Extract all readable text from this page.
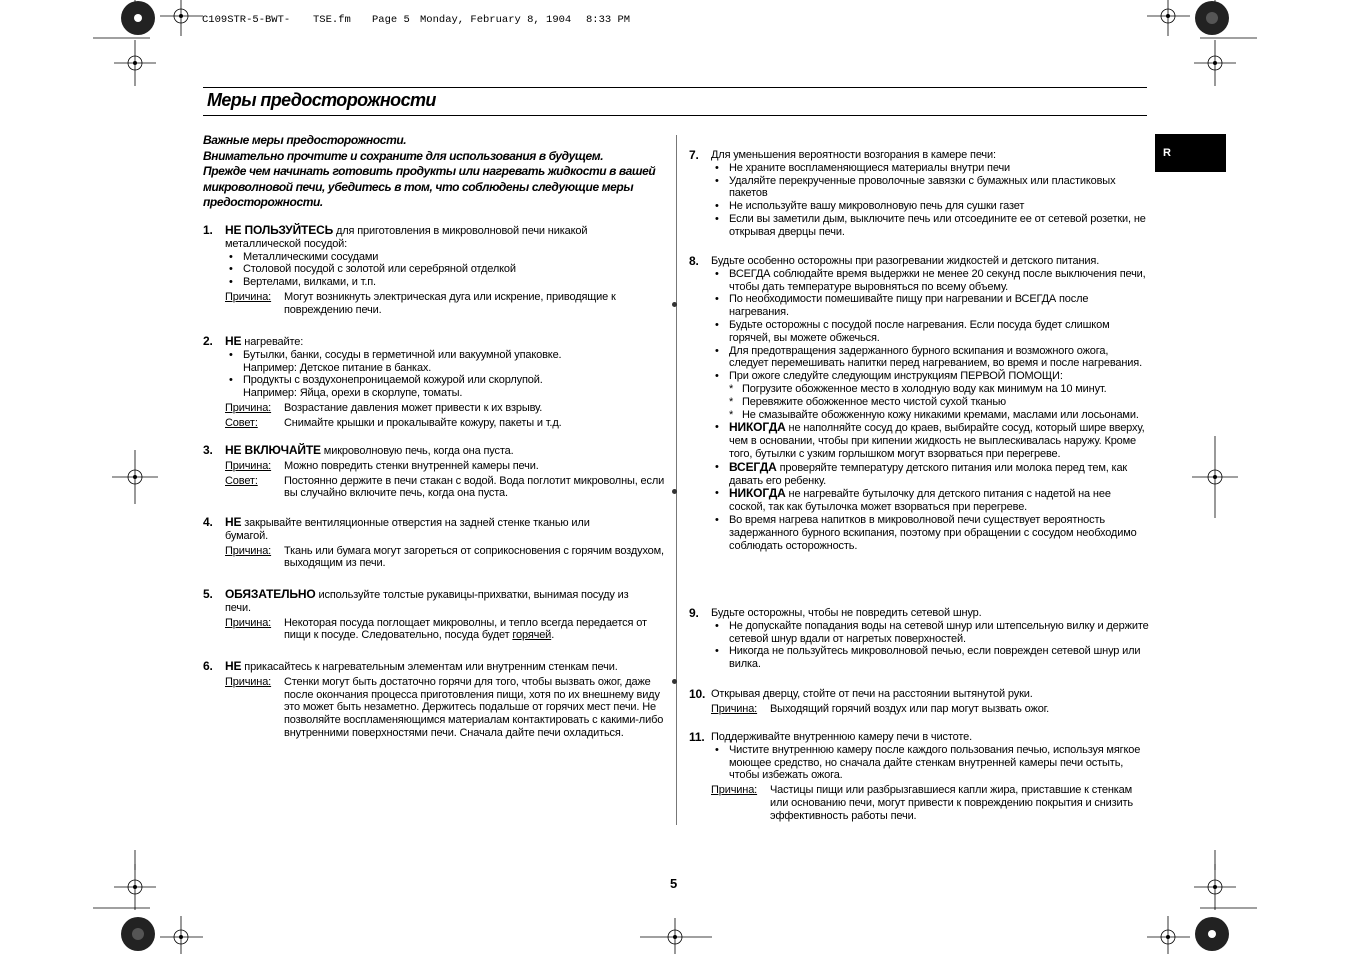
C109STR-5-BWT- TSE.fm Page 5 Monday, February 8, 1904 8:33 PM
Меры предосторожности
R
Важные меры предосторожности.
Внимательно прочтите и сохраните для использования в будущем.
Прежде чем начинать готовить продукты или нагревать жидкости в вашей
микроволновой печи, убедитесь в том, что соблюдены следующие меры
предосторожности.
1. НЕ ПОЛЬЗУЙТЕСЬ для приготовления в микроволновой печи никакой
металлической посудой:
• Металлическими сосудами
• Столовой посудой с золотой или серебряной отделкой
• Вертелами, вилками, и т.п.
Причина: Могут возникнуть электрическая дуга или искрение, приводящие к повреждению печи.
2. НЕ нагревайте:
• Бутылки, банки, сосуды в герметичной или вакуумной упаковке.
Например: Детское питание в банках.
• Продукты с воздухонепроницаемой кожурой или скорлупой.
Например: Яйца, орехи в скорлупе, томаты.
Причина: Возрастание давления может привести к их взрыву.
Совет: Снимайте крышки и прокалывайте кожуру, пакеты и т.д.
3. НЕ ВКЛЮЧАЙТЕ микроволновую печь, когда она пуста.
Причина: Можно повредить стенки внутренней камеры печи.
Совет: Постоянно держите в печи стакан с водой. Вода поглотит микроволны, если вы случайно включите печь, когда она пуста.
4. НЕ закрывайте вентиляционные отверстия на задней стенке тканью или
бумагой.
Причина: Ткань или бумага могут загореться от соприкосновения с горячим воздухом, выходящим из печи.
5. ОБЯЗАТЕЛЬНО используйте толстые рукавицы-прихватки, вынимая посуду из
печи.
Причина: Некоторая посуда поглощает микроволны, и тепло всегда передается от пищи к посуде. Следовательно, посуда будет горячей.
6. НЕ прикасайтесь к нагревательным элементам или внутренним стенкам печи.
Причина: Стенки могут быть достаточно горячи для того, чтобы вызвать ожог, даже после окончания процесса приготовления пищи, хотя по их внешнему виду это может быть незаметно. Держитесь подальше от горячих мест печи. Не позволяйте воспламеняющимся материалам контактировать с какими-либо внутренними поверхностями печи. Сначала дайте печи охладиться.
7. Для уменьшения вероятности возгорания в камере печи:
• Не храните воспламеняющиеся материалы внутри печи
• Удаляйте перекрученные проволочные завязки с бумажных или пластиковых пакетов
• Не используйте вашу микроволновую печь для сушки газет
• Если вы заметили дым, выключите печь или отсоедините ее от сетевой розетки, не открывая дверцы печи.
8. Будьте особенно осторожны при разогревании жидкостей и детского питания.
• ВСЕГДА соблюдайте время выдержки не менее 20 секунд после выключения печи, чтобы дать температуре выровняться по всему объему.
• По необходимости помешивайте пищу при нагревании и ВСЕГДА после нагревания.
• Будьте осторожны с посудой после нагревания. Если посуда будет слишком горячей, вы можете обжечься.
• Для предотвращения задержанного бурного вскипания и возможного ожога, следует перемешивать напитки перед нагреванием, во время и после нагревания.
• При ожоге следуйте следующим инструкциям ПЕРВОЙ ПОМОЩИ:
* Погрузите обожженное место в холодную воду как минимум на 10 минут.
* Перевяжите обожженное место чистой сухой тканью
* Не смазывайте обожженную кожу никакими кремами, маслами или лосьонами.
• НИКОГДА не наполняйте сосуд до краев, выбирайте сосуд, который шире вверху, чем в основании, чтобы при кипении жидкость не выплескивалась наружу. Кроме того, бутылки с узким горлышком могут взорваться при перегреве.
• ВСЕГДА проверяйте температуру детского питания или молока перед тем, как давать его ребенку.
• НИКОГДА не нагревайте бутылочку для детского питания с надетой на нее соской, так как бутылочка может взорваться при перегреве.
• Во время нагрева напитков в микроволновой печи существует вероятность задержанного бурного вскипания, поэтому при обращении с сосудом необходимо соблюдать осторожность.
9. Будьте осторожны, чтобы не повредить сетевой шнур.
• Не допускайте попадания воды на сетевой шнур или штепсельную вилку и держите сетевой шнур вдали от нагретых поверхностей.
• Никогда не пользуйтесь микроволновой печью, если поврежден сетевой шнур или вилка.
10. Открывая дверцу, стойте от печи на расстоянии вытянутой руки.
Причина: Выходящий горячий воздух или пар могут вызвать ожог.
11. Поддерживайте внутреннюю камеру печи в чистоте.
• Чистите внутреннюю камеру после каждого пользования печью, используя мягкое моющее средство, но сначала дайте стенкам внутренней камеры печи остыть, чтобы избежать ожога.
Причина: Частицы пищи или разбрызгавшиеся капли жира, приставшие к стенкам или основанию печи, могут привести к повреждению покрытия и снизить эффективность работы печи.
5
